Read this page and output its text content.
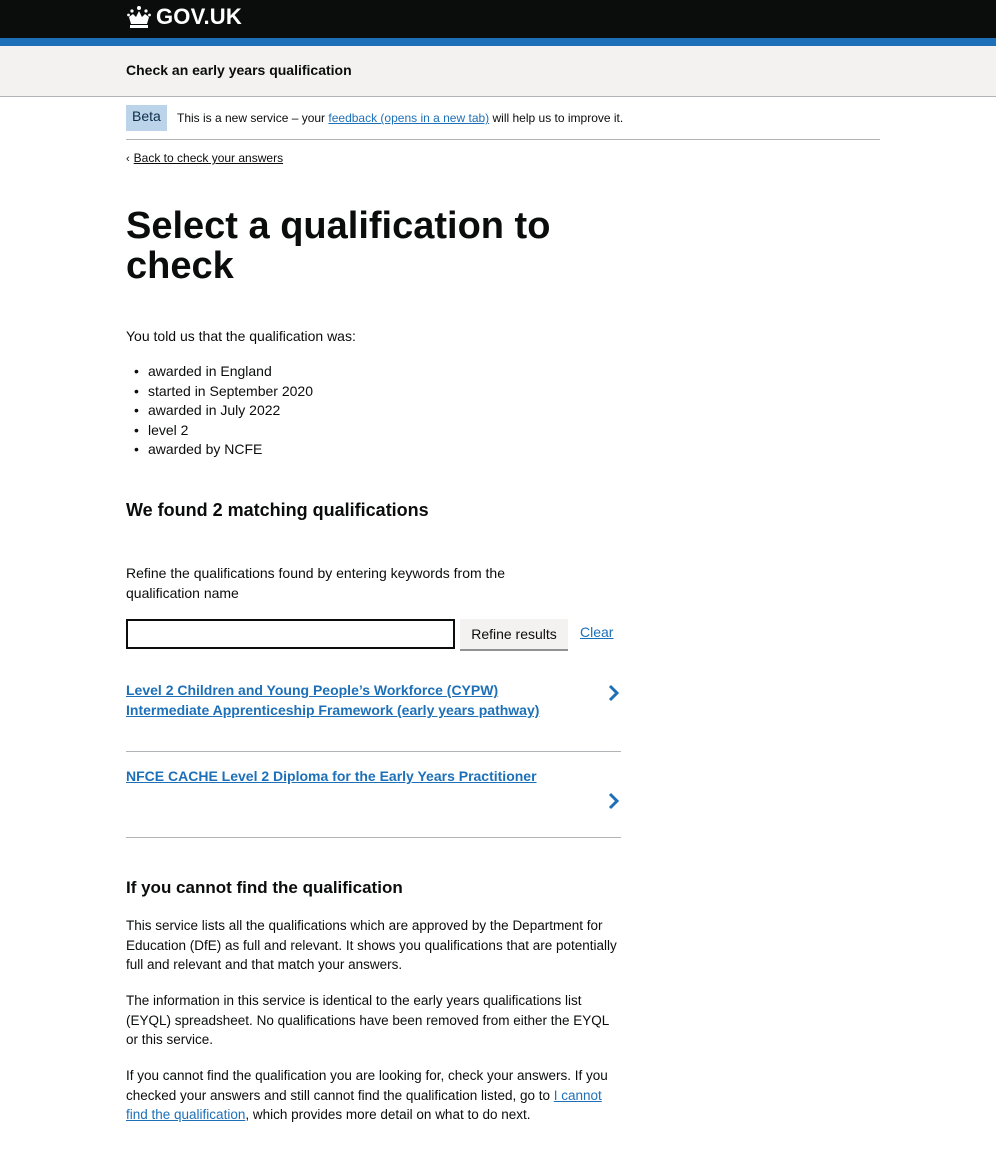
GOV.UK
Check an early years qualification
Beta	This is a new service – your feedback (opens in a new tab) will help us to improve it.
‹ Back to check your answers
Select a qualification to check

You told us that the qualification was:

• awarded in England
• started in September 2020
• awarded in July 2022
• level 2
• awarded by NCFE
We found 2 matching qualifications
Refine the qualifications found by entering keywords from the qualification name
Refine results	Clear
Level 2 Children and Young People’s Workforce (CYPW) Intermediate Apprenticeship Framework (early years pathway)
NFCE CACHE Level 2 Diploma for the Early Years Practitioner
If you cannot find the qualification

This service lists all the qualifications which are approved by the Department for Education (DfE) as full and relevant. It shows you qualifications that are potentially full and relevant and that match your answers.

The information in this service is identical to the early years qualifications list (EYQL) spreadsheet. No qualifications have been removed from either the EYQL or this service.

If you cannot find the qualification you are looking for, check your answers. If you checked your answers and still cannot find the qualification listed, go to I cannot find the qualification, which provides more detail on what to do next.
